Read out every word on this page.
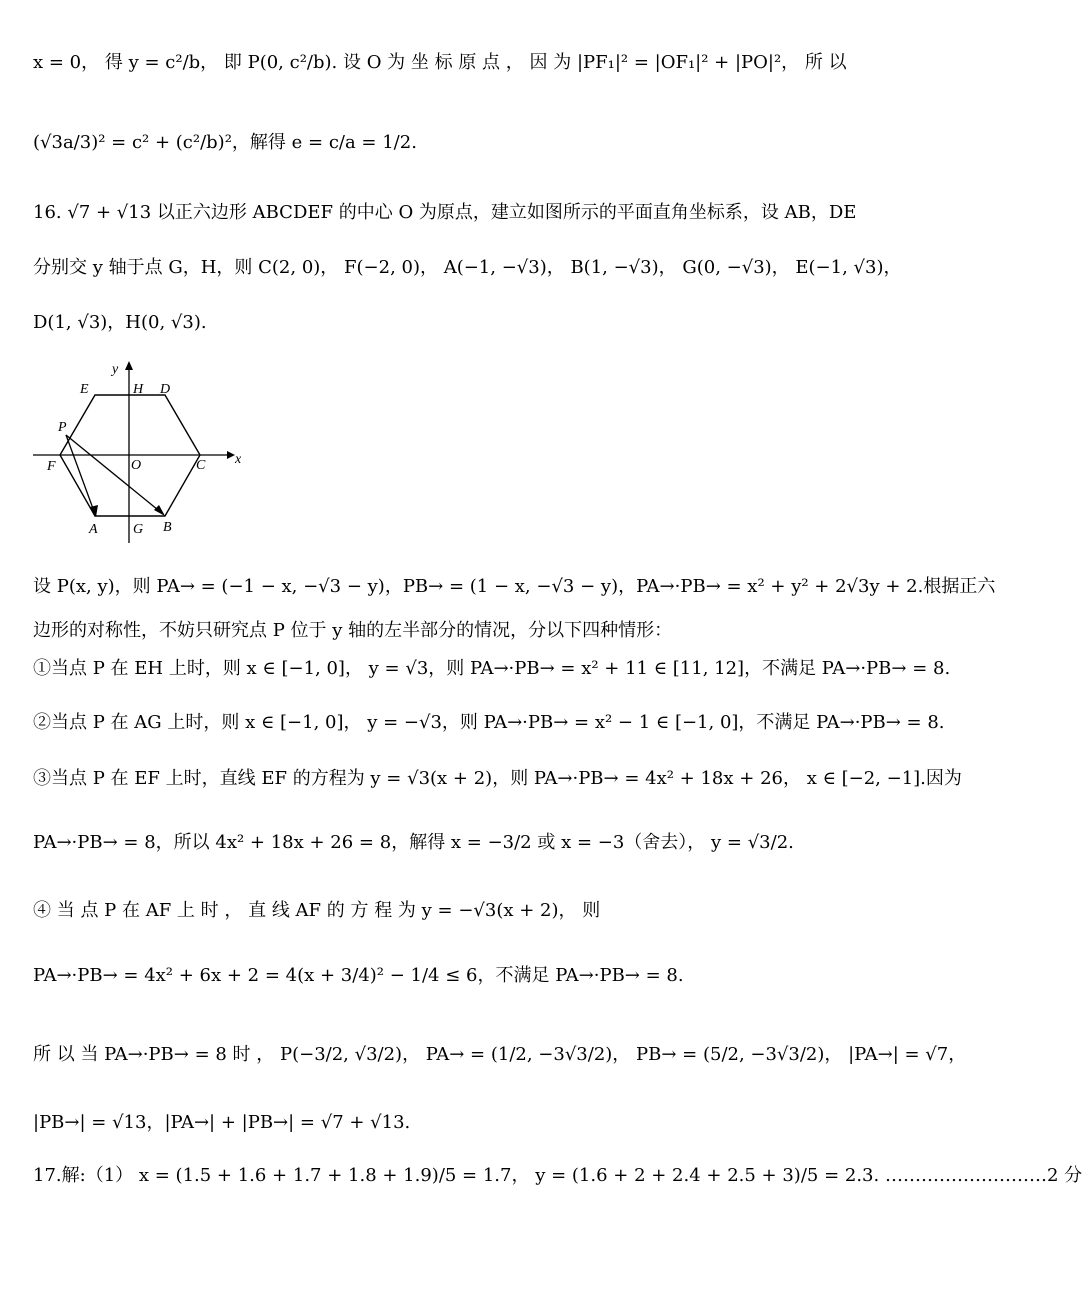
x = 0， 得 y = c²/b， 即 P(0, c²/b). 设 O 为 坐 标 原 点 ， 因 为 |PF₁|² = |OF₁|² + |PO|²， 所 以
(√3a/3)² = c² + (c²/b)²，解得 e = c/a = 1/2.
16. √7 + √13 以正六边形 ABCDEF 的中心 O 为原点，建立如图所示的平面直角坐标系，设 AB，DE
分别交 y 轴于点 G，H，则 C(2, 0)， F(−2, 0)， A(−1, −√3)， B(1, −√3)， G(0, −√3)， E(−1, √3)，
D(1, √3)，H(0, √3).
y
x
E	H D
P
F	O	C
A	G B
设 P(x, y)，则 PA→ = (−1 − x, −√3 − y)，PB→ = (1 − x, −√3 − y)，PA→·PB→ = x² + y² + 2√3y + 2.根据正六
边形的对称性，不妨只研究点 P 位于 y 轴的左半部分的情况，分以下四种情形：
①当点 P 在 EH 上时，则 x ∈ [−1, 0]， y = √3，则 PA→·PB→ = x² + 11 ∈ [11, 12]，不满足 PA→·PB→ = 8.
②当点 P 在 AG 上时，则 x ∈ [−1, 0]， y = −√3，则 PA→·PB→ = x² − 1 ∈ [−1, 0]，不满足 PA→·PB→ = 8.
③当点 P 在 EF 上时，直线 EF 的方程为 y = √3(x + 2)，则 PA→·PB→ = 4x² + 18x + 26， x ∈ [−2, −1].因为
PA→·PB→ = 8，所以 4x² + 18x + 26 = 8，解得 x = −3/2 或 x = −3（舍去）， y = √3/2.
④ 当 点 P 在 AF 上 时 ， 直 线 AF 的 方 程 为 y = −√3(x + 2)， 则
PA→·PB→ = 4x² + 6x + 2 = 4(x + 3/4)² − 1/4 ≤ 6，不满足 PA→·PB→ = 8.
所 以 当 PA→·PB→ = 8 时 ， P(−3/2, √3/2)， PA→ = (1/2, −3√3/2)， PB→ = (5/2, −3√3/2)， |PA→| = √7，
|PB→| = √13，|PA→| + |PB→| = √7 + √13.
17.解:（1） x = (1.5 + 1.6 + 1.7 + 1.8 + 1.9)/5 = 1.7， y = (1.6 + 2 + 2.4 + 2.5 + 3)/5 = 2.3. ………………………2 分
